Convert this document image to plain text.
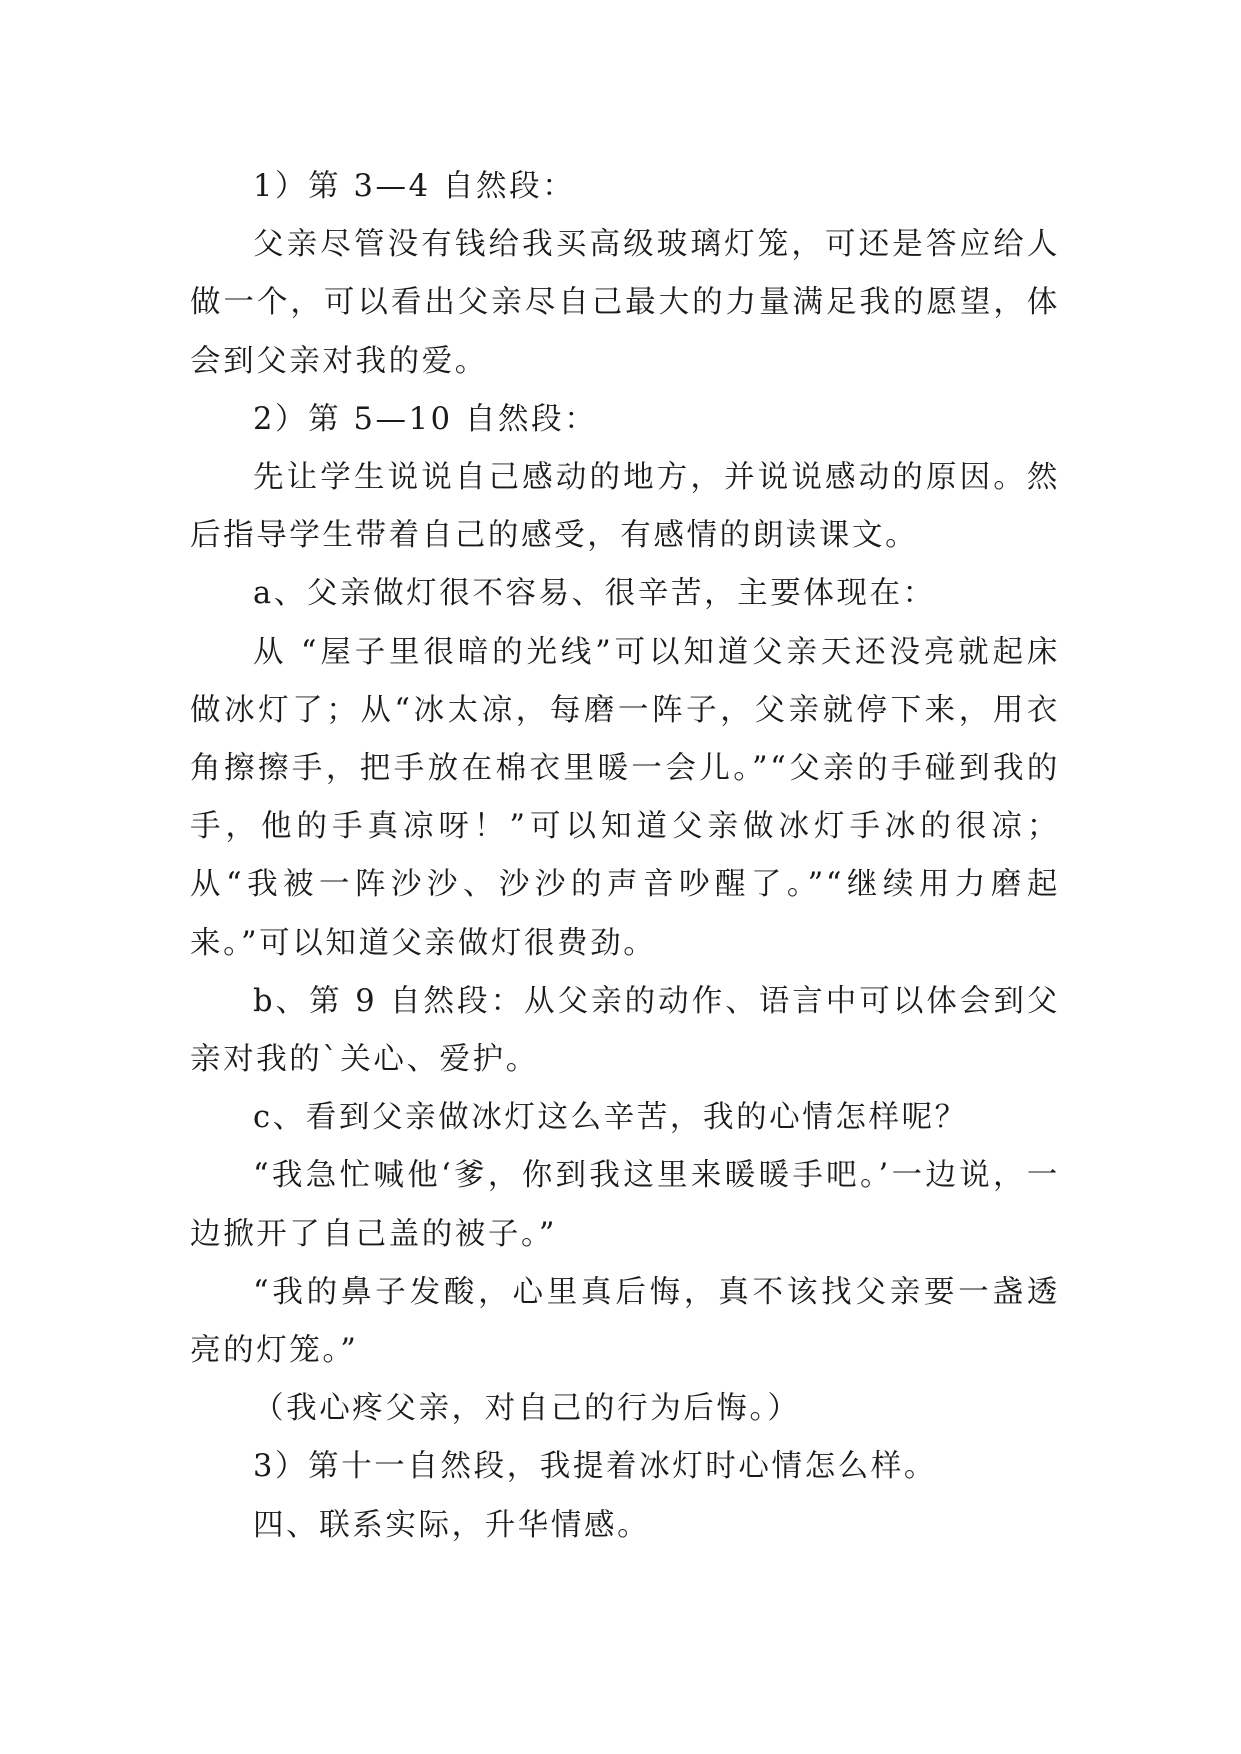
1）第 3—4 自然段：

父亲尽管没有钱给我买高级玻璃灯笼，可还是答应给人做一个，可以看出父亲尽自己最大的力量满足我的愿望，体会到父亲对我的爱。

2）第 5—10 自然段：

先让学生说说自己感动的地方，并说说感动的原因。然后指导学生带着自己的感受，有感情的朗读课文。

a、父亲做灯很不容易、很辛苦，主要体现在：

从 “屋子里很暗的光线”可以知道父亲天还没亮就起床做冰灯了；从“冰太凉，每磨一阵子，父亲就停下来，用衣角擦擦手，把手放在棉衣里暖一会儿。”“父亲的手碰到我的手，他的手真凉呀！”可以知道父亲做冰灯手冰的很凉；从“我被一阵沙沙、沙沙的声音吵醒了。”“继续用力磨起来。”可以知道父亲做灯很费劲。

b、第 9 自然段：从父亲的动作、语言中可以体会到父亲对我的`关心、爱护。

c、看到父亲做冰灯这么辛苦，我的心情怎样呢？

“我急忙喊他‘爹，你到我这里来暖暖手吧。’一边说，一边掀开了自己盖的被子。”

“我的鼻子发酸，心里真后悔，真不该找父亲要一盏透亮的灯笼。”

（我心疼父亲，对自己的行为后悔。）

3）第十一自然段，我提着冰灯时心情怎么样。

四、联系实际，升华情感。
